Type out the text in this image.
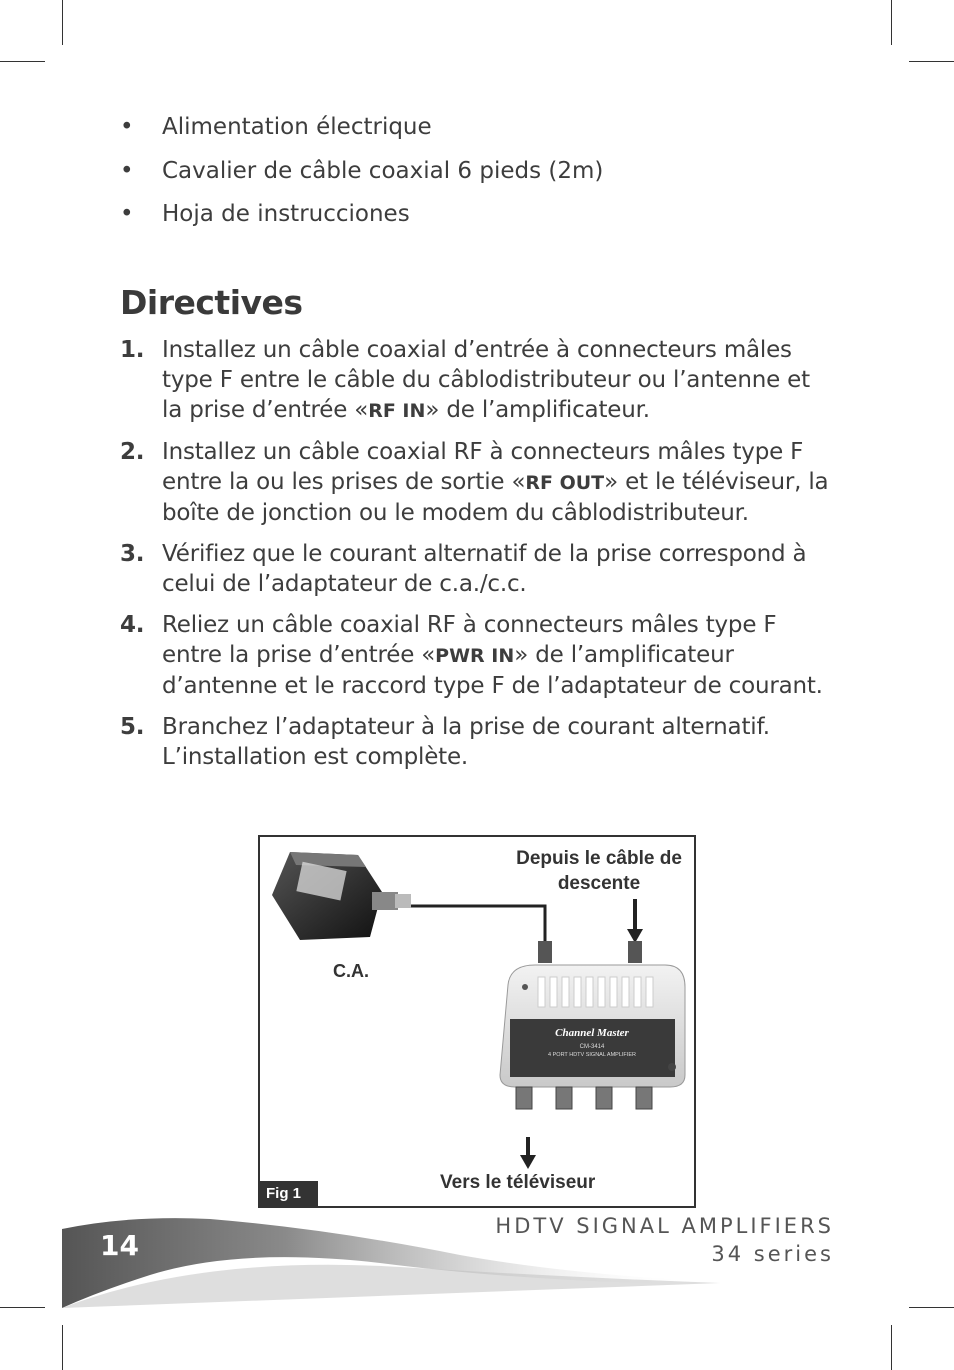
• Alimentation électrique
• Cavalier de câble coaxial 6 pieds (2m)
• Hoja de instrucciones
Directives
1. Installez un câble coaxial d’entrée à connecteurs mâles type F entre le câble du câblodistributeur ou l’antenne et la prise d’entrée «RF IN» de l’amplificateur.
2. Installez un câble coaxial RF à connecteurs mâles type F entre la ou les prises de sortie «RF OUT» et le téléviseur, la boîte de jonction ou le modem du câblodistributeur.
3. Vérifiez que le courant alternatif de la prise correspond à celui de l’adaptateur de c.a./c.c.
4. Reliez un câble coaxial RF à connecteurs mâles type F entre la prise d’entrée «PWR IN» de l’amplificateur d’antenne et le raccord type F de l’adaptateur de courant.
5. Branchez l’adaptateur à la prise de courant alternatif. L’installation est complète.
Channel Master
CM-3414
4 PORT HDTV SIGNAL AMPLIFIER
Fig 1
Depuis le câble de descente
C.A.
Vers le téléviseur
14
HDTV SIGNAL AMPLIFIERS
34 series
